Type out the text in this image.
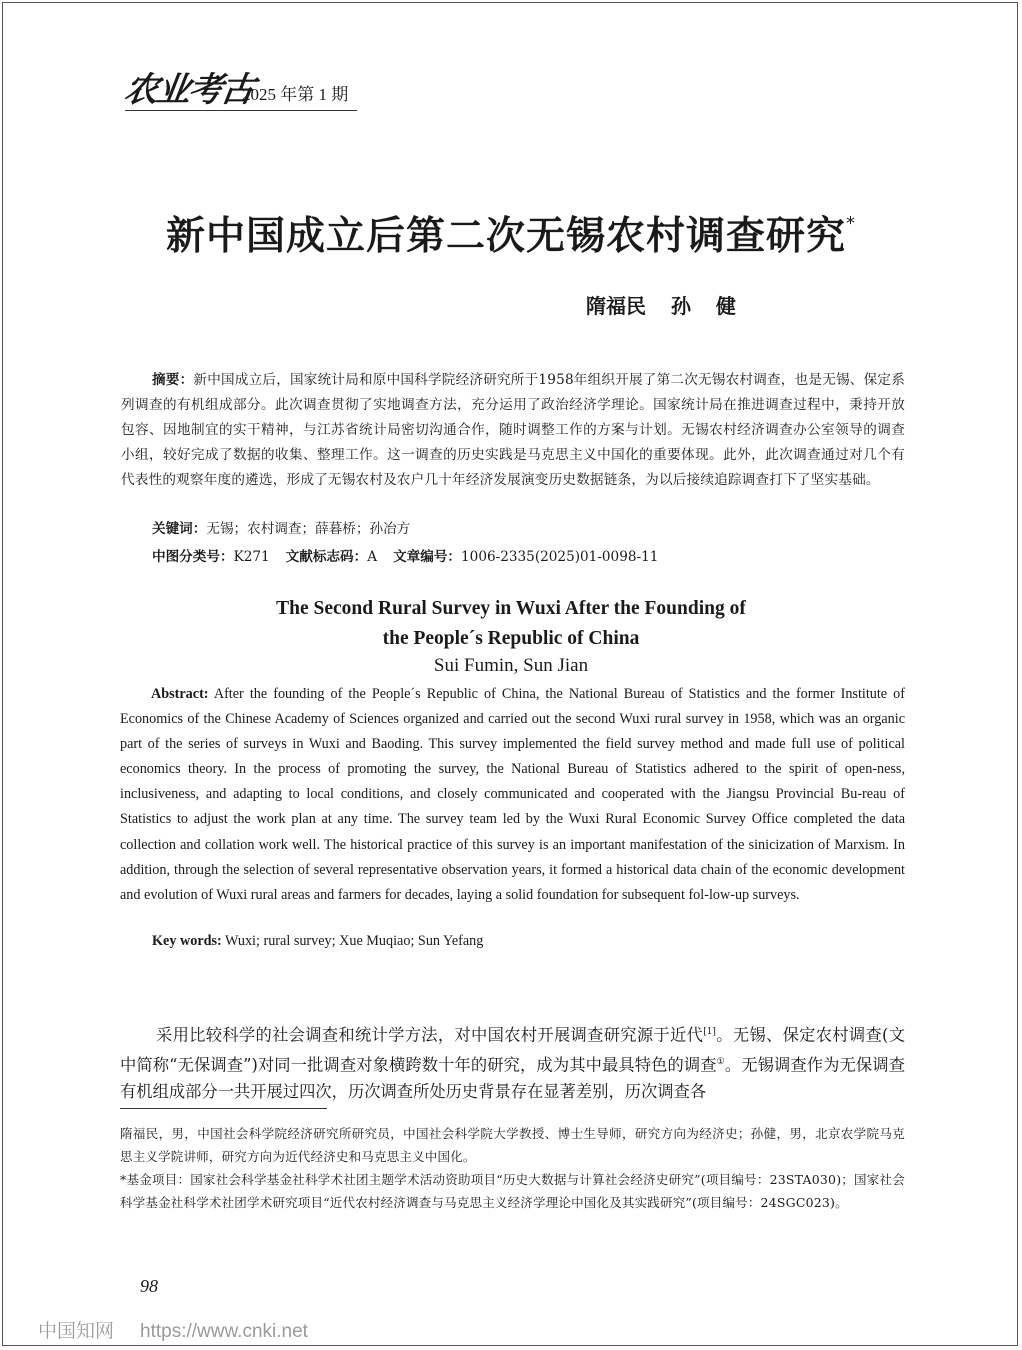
农业考古
2025 年第 1 期
新中国成立后第二次无锡农村调查研究*
隋福民 孙 健

摘要：新中国成立后，国家统计局和原中国科学院经济研究所于1958年组织开展了第二次无锡农村调查，也是无锡、保定系列调查的有机组成部分。此次调查贯彻了实地调查方法，充分运用了政治经济学理论。国家统计局在推进调查过程中，秉持开放包容、因地制宜的实干精神，与江苏省统计局密切沟通合作，随时调整工作的方案与计划。无锡农村经济调查办公室领导的调查小组，较好完成了数据的收集、整理工作。这一调查的历史实践是马克思主义中国化的重要体现。此外，此次调查通过对几个有代表性的观察年度的遴选，形成了无锡农村及农户几十年经济发展演变历史数据链条，为以后接续追踪调查打下了坚实基础。

关键词：无锡；农村调查；薛暮桥；孙冶方
中图分类号：K271 文献标志码：A 文章编号：1006-2335(2025)01-0098-11
The Second Rural Survey in Wuxi After the Founding of
the People´s Republic of China
Sui Fumin, Sun Jian

Abstract: After the founding of the People´s Republic of China, the National Bureau of Statistics and the former Institute of Economics of the Chinese Academy of Sciences organized and carried out the second Wuxi rural survey in 1958, which was an organic part of the series of surveys in Wuxi and Baoding. This survey implemented the field survey method and made full use of political economics theory. In the process of promoting the survey, the National Bureau of Statistics adhered to the spirit of open-ness, inclusiveness, and adapting to local conditions, and closely communicated and cooperated with the Jiangsu Provincial Bu-reau of Statistics to adjust the work plan at any time. The survey team led by the Wuxi Rural Economic Survey Office completed the data collection and collation work well. The historical practice of this survey is an important manifestation of the sinicization of Marxism. In addition, through the selection of several representative observation years, it formed a historical data chain of the economic development and evolution of Wuxi rural areas and farmers for decades, laying a solid foundation for subsequent fol-low-up surveys.

Key words: Wuxi; rural survey; Xue Muqiao; Sun Yefang

采用比较科学的社会调查和统计学方法，对中国农村开展调查研究源于近代[1]。无锡、保定农村调查(文中简称“无保调查”)对同一批调查对象横跨数十年的研究，成为其中最具特色的调查①。无锡调查作为无保调查有机组成部分一共开展过四次，历次调查所处历史背景存在显著差别，历次调查各

隋福民，男，中国社会科学院经济研究所研究员，中国社会科学院大学教授、博士生导师，研究方向为经济史；孙健，男，北京农学院马克思主义学院讲师，研究方向为近代经济史和马克思主义中国化。

*基金项目：国家社会科学基金社科学术社团主题学术活动资助项目“历史大数据与计算社会经济史研究”(项目编号：23STA030)；国家社会科学基金社科学术社团学术研究项目“近代农村经济调查与马克思主义经济学理论中国化及其实践研究”(项目编号：24SGC023)。

98
中国知网 https://www.cnki.net
